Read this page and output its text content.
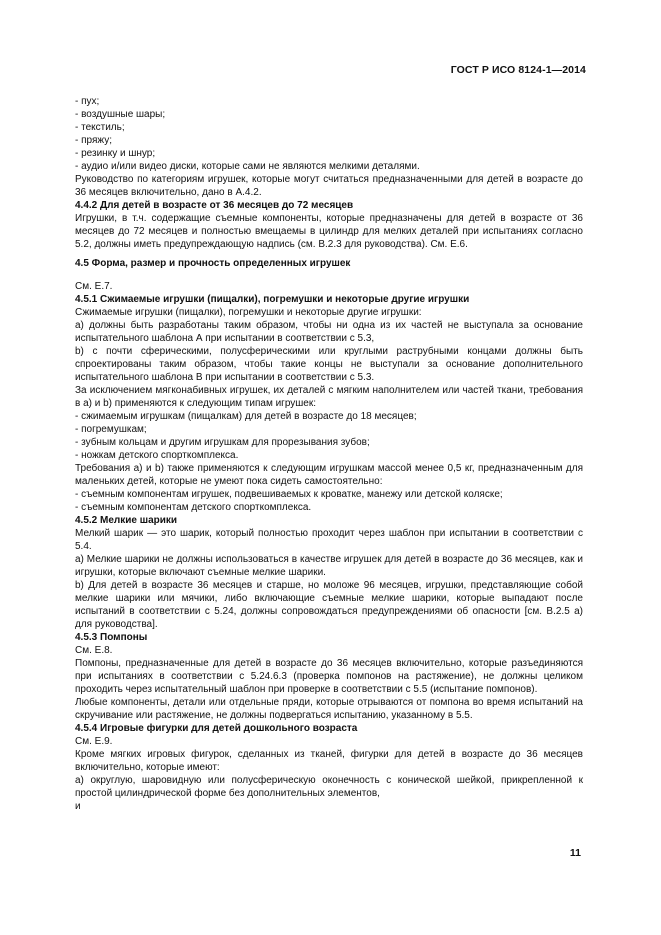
ГОСТ Р ИСО 8124-1—2014

- пух;

- воздушные шары;

- текстиль;

- пряжу;

- резинку и шнур;

- аудио и/или видео диски, которые сами не являются мелкими деталями.

Руководство по категориям игрушек, которые могут считаться предназначенными для детей в возрасте до 36 месяцев включительно, дано в А.4.2.

4.4.2 Для детей в возрасте от 36 месяцев до 72 месяцев

Игрушки, в т.ч. содержащие съемные компоненты, которые предназначены для детей в возрасте от 36 месяцев до 72 месяцев и полностью вмещаемы в цилиндр для мелких деталей при испытаниях согласно 5.2, должны иметь предупреждающую надпись (см. В.2.3 для руководства). См. Е.6.

4.5 Форма, размер и прочность определенных игрушек

См. Е.7.

4.5.1 Сжимаемые игрушки (пищалки), погремушки и некоторые другие игрушки

Сжимаемые игрушки (пищалки), погремушки и некоторые другие игрушки:

а) должны быть разработаны таким образом, чтобы ни одна из их частей не выступала за основание испытательного шаблона А при испытании в соответствии с 5.3,

b) с почти сферическими, полусферическими или круглыми раструбными концами должны быть спроектированы таким образом, чтобы такие концы не выступали за основание дополнительного испытательного шаблона В при испытании в соответствии с 5.3.

За исключением мягконабивных игрушек, их деталей с мягким наполнителем или частей ткани, требования в а) и b) применяются к следующим типам игрушек:

- сжимаемым игрушкам (пищалкам) для детей в возрасте до 18 месяцев;

- погремушкам;

- зубным кольцам и другим игрушкам для прорезывания зубов;

- ножкам детского спорткомплекса.

Требования а) и b) также применяются к следующим игрушкам массой менее 0,5 кг, предназначенным для маленьких детей, которые не умеют пока сидеть самостоятельно:

- съемным компонентам игрушек, подвешиваемых к кроватке, манежу или детской коляске;

- съемным компонентам детского спорткомплекса.

4.5.2 Мелкие шарики

Мелкий шарик — это шарик, который полностью проходит через шаблон при испытании в соответствии с 5.4.

а) Мелкие шарики не должны использоваться в качестве игрушек для детей в возрасте до 36 месяцев, как и игрушки, которые включают съемные мелкие шарики.

b) Для детей в возрасте 36 месяцев и старше, но моложе 96 месяцев, игрушки, представляющие собой мелкие шарики или мячики, либо включающие съемные мелкие шарики, которые выпадают после испытаний в соответствии с 5.24, должны сопровождаться предупреждениями об опасности [см. В.2.5 а) для руководства].

4.5.3 Помпоны

См. Е.8.

Помпоны, предназначенные для детей в возрасте до 36 месяцев включительно, которые разъединяются при испытаниях в соответствии с 5.24.6.3 (проверка помпонов на растяжение), не должны целиком проходить через испытательный шаблон при проверке в соответствии с 5.5 (испытание помпонов).

Любые компоненты, детали или отдельные пряди, которые отрываются от помпона во время испытаний на скручивание или растяжение, не должны подвергаться испытанию, указанному в 5.5.

4.5.4 Игровые фигурки для детей дошкольного возраста

См. Е.9.

Кроме мягких игровых фигурок, сделанных из тканей, фигурки для детей в возрасте до 36 месяцев включительно, которые имеют:

а) округлую, шаровидную или полусферическую оконечность с конической шейкой, прикрепленной к простой цилиндрической форме без дополнительных элементов,

и

11
